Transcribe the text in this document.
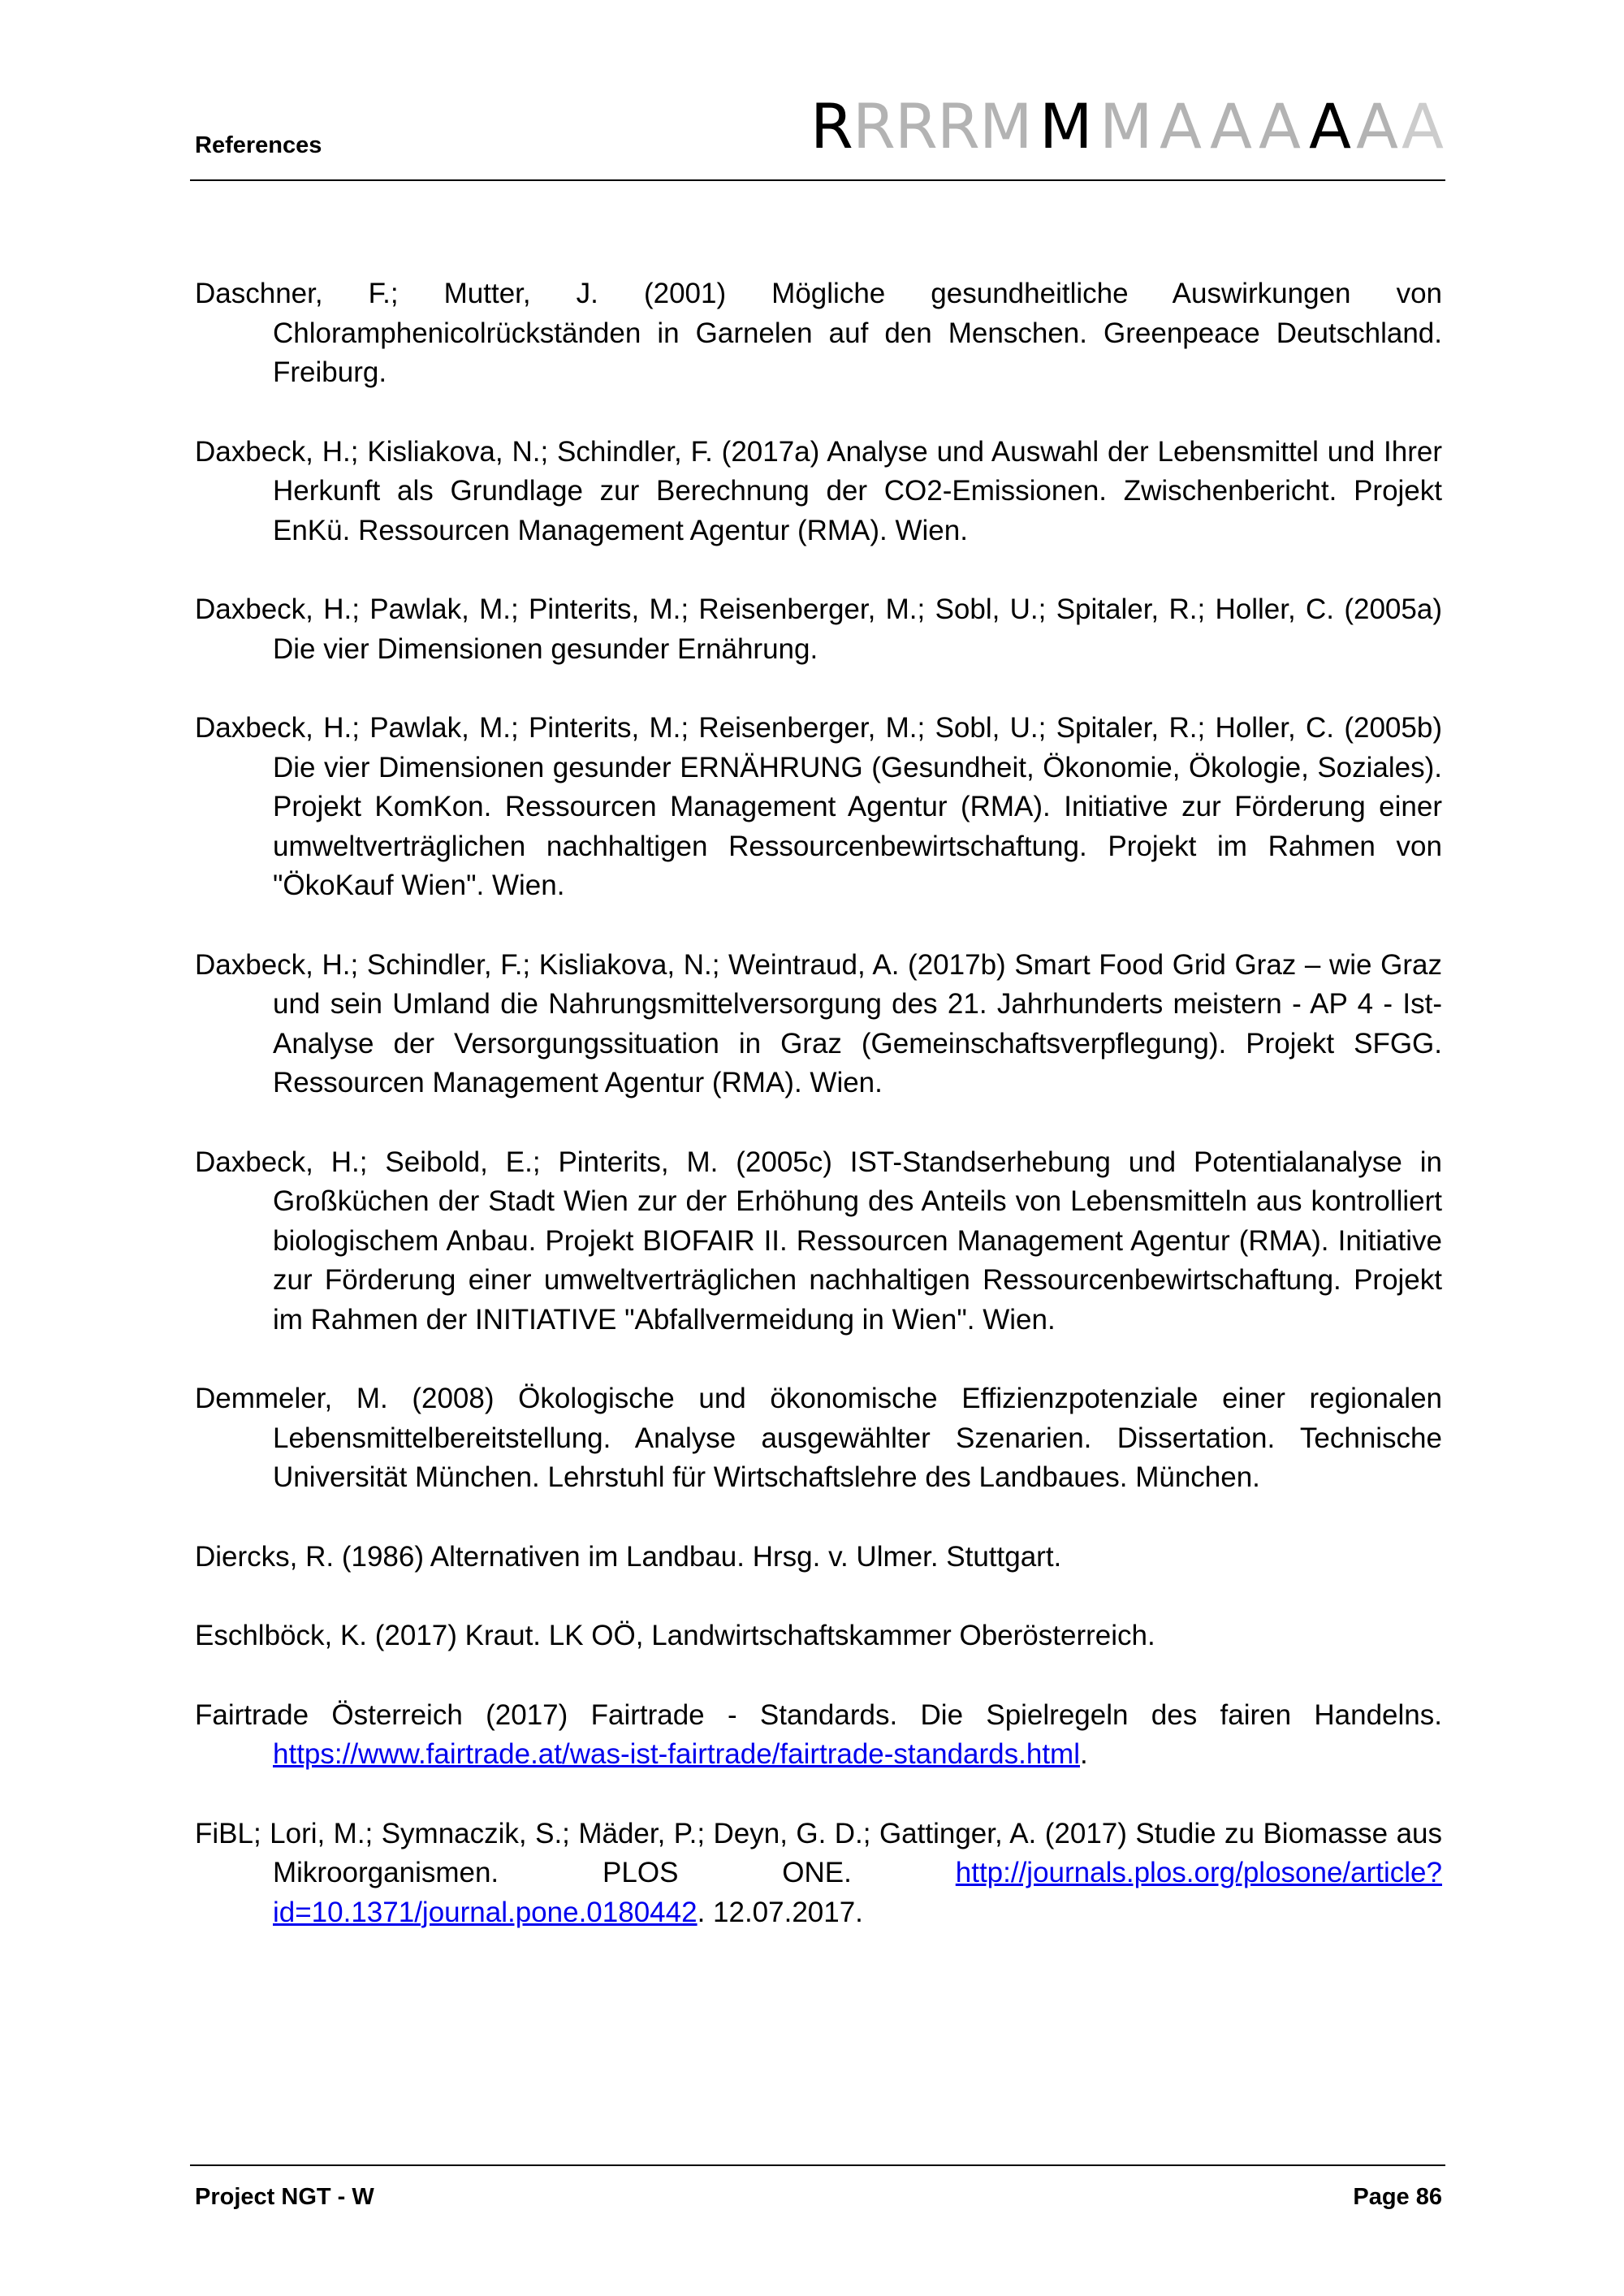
References	R R R R M
M M A A A
A A A
Daschner, F.; Mutter, J. (2001) Mögliche gesundheitliche Auswirkungen von Chloramphenicolrückständen in Garnelen auf den Menschen. Greenpeace Deutschland. Freiburg.
Daxbeck, H.; Kisliakova, N.; Schindler, F. (2017a) Analyse und Auswahl der Lebensmittel und Ihrer Herkunft als Grundlage zur Berechnung der CO2-Emissionen. Zwischenbericht. Projekt EnKü. Ressourcen Management Agentur (RMA). Wien.
Daxbeck, H.; Pawlak, M.; Pinterits, M.; Reisenberger, M.; Sobl, U.; Spitaler, R.; Holler, C. (2005a) Die vier Dimensionen gesunder Ernährung.
Daxbeck, H.; Pawlak, M.; Pinterits, M.; Reisenberger, M.; Sobl, U.; Spitaler, R.; Holler, C. (2005b) Die vier Dimensionen gesunder ERNÄHRUNG (Gesundheit, Ökonomie, Ökologie, Soziales). Projekt KomKon. Ressourcen Management Agentur (RMA). Initiative zur Förderung einer umweltverträglichen nachhaltigen Ressourcenbewirtschaftung. Projekt im Rahmen von "ÖkoKauf Wien". Wien.
Daxbeck, H.; Schindler, F.; Kisliakova, N.; Weintraud, A. (2017b) Smart Food Grid Graz – wie Graz und sein Umland die Nahrungsmittelversorgung des 21. Jahrhunderts meistern - AP 4 - Ist-Analyse der Versorgungssituation in Graz (Gemeinschaftsverpflegung). Projekt SFGG. Ressourcen Management Agentur (RMA). Wien.
Daxbeck, H.; Seibold, E.; Pinterits, M. (2005c) IST-Standserhebung und Potentialanalyse in Großküchen der Stadt Wien zur der Erhöhung des Anteils von Lebensmitteln aus kontrolliert biologischem Anbau. Projekt BIOFAIR II. Ressourcen Management Agentur (RMA). Initiative zur Förderung einer umweltverträglichen nachhaltigen Ressourcenbewirtschaftung. Projekt im Rahmen der INITIATIVE "Abfallvermeidung in Wien". Wien.
Demmeler, M. (2008) Ökologische und ökonomische Effizienzpotenziale einer regionalen Lebensmittelbereitstellung. Analyse ausgewählter Szenarien. Dissertation. Technische Universität München. Lehrstuhl für Wirtschaftslehre des Landbaues. München.
Diercks, R. (1986) Alternativen im Landbau. Hrsg. v. Ulmer. Stuttgart.
Eschlböck, K. (2017) Kraut. LK OÖ, Landwirtschaftskammer Oberösterreich.
Fairtrade Österreich (2017) Fairtrade - Standards. Die Spielregeln des fairen Handelns. https://www.fairtrade.at/was-ist-fairtrade/fairtrade-standards.html.
FiBL; Lori, M.; Symnaczik, S.; Mäder, P.; Deyn, G. D.; Gattinger, A. (2017) Studie zu Biomasse aus Mikroorganismen. PLOS ONE. http://journals.plos.org/plosone/article?id=10.1371/journal.pone.0180442. 12.07.2017.
Project NGT - W	Page 86
